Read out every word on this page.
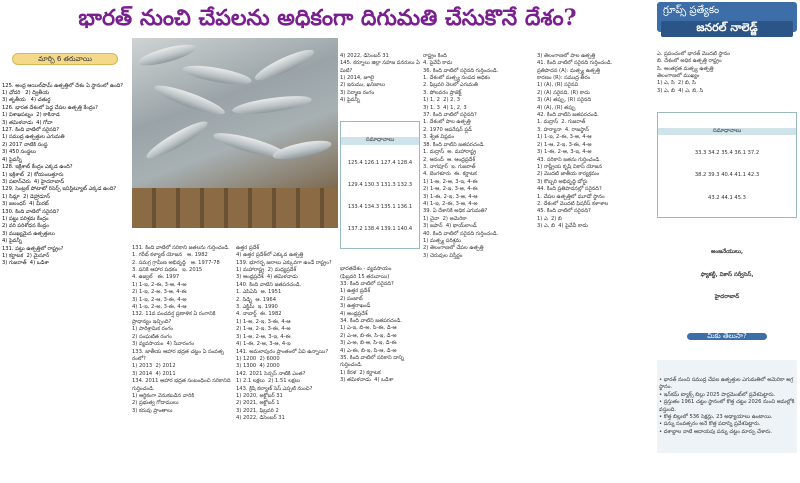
భారత్ నుంచి చేపలను అధికంగా దిగుమతి చేసుకొనే దేశం?	గ్రూప్స్ ప్రత్యేకం
జనరల్ నాలెడ్జ్

మార్చి 6 తరువాయి

125. అంధ్ర ఆయిల్‌పామ్ ఉత్పత్తిలో దేశం ఏ స్థానంలో ఉంది?
1) ఛోదరి   2) ద్వితీయ
3) తృతీయ   4) చతుర్థ
126. భారత దేశంలో పెద్ద చేపల ఉత్పత్తి కేంద్రం?
1) విశాఖపట్నం  2) కాకినాడ
3) తమిళనాడు  4) గోవా
127. కింది వాటిలో సరైనది?
1) సముద్ర ఉత్పత్తుల ఎగుమతి
2) 2017 నాటికి సంస్థ
3) 450 సంస్థలు
4) పైవన్నీ
128. ఇక్రిశాట్ కేంద్రం ఎక్కడ ఉంది?
1) ఇక్రిశాట్  2) కోయంబత్తూరు
3) పటాన్‌చెరు  4) హైదరాబాద్
129. సెంట్రల్ పోటాటో రిసెర్చ్ ఇనిస్టిట్యూట్ ఎక్కడ ఉంది?
1) సిమ్లా  2) డెహ్రాడూన్
3) జలంధర్  4) మీరట్
130. కింది వాటిలో సరైనది?
1) పట్టు పరిశ్రమ కేంద్రం
2) వరి పరిశోధన కేంద్రం
3) ముఖ్యమైన ఉత్పత్తులు
4) పైవన్నీ
131. పట్టు ఉత్పత్తిలో రాష్ట్రం?
1) కర్ణాటక  2) మైసూర్
3) గుజరాత్  4) ఒడిశా

131. కింది వాటిలో సరికాని జతలను గుర్తించండి.
1. గరీబ్ కళ్యాణ్ యోజన   అ. 1982
2. సమగ్ర గ్రామీణ అభివృద్ధి   ఆ. 1977-78
3. పనికి ఆహార పథకం   ఇ. 2015
4. ఉజ్వల్   ఈ. 1997
1) 1-ఇ, 2-ఈ, 3-ఆ, 4-అ
2) 1-ఇ, 2-అ, 3-ఆ, 4-ఈ
3) 1-ఇ, 2-ఆ, 3-ఈ, 4-అ
4) 1-ఇ, 2-అ, 3-ఈ, 4-ఆ
132. 11వ పంచవర్ష ప్రణాళిక ఏ రంగానికి ప్రాధాన్యం ఇచ్చింది?
1) పారిశ్రామిక రంగం
2) సంఘటిత రంగం
3) వ్యవసాయం  4) సేవారంగం
133. జాతీయ ఆహార భద్రత చట్టం ఏ సంవత్సరంలో?
1) 2013  2) 2012
3) 2014  4) 2011
134. 2011 ఆహార భద్రత సంబంధించి సరికానిది గుర్తించండి.
1) ఆర్థికంగా వెనుకబడిన వారికి
2) ప్రభుత్వ గోదాములు
3) కరువు ప్రాంతాలు

ఉత్తర ప్రదేశ్
4) ఉత్తర ప్రదేశ్‌లో ఎక్కువ ఉత్పత్తి
139. భూగర్భ జలాలు ఎక్కువగా ఉండే రాష్ట్రం?
1) మహారాష్ట్ర  2) మధ్యప్రదేశ్
3) ఆంధ్రప్రదేశ్  4) తమిళనాడు
140. కింది వాటిని జతపరచండి.
1. ఎపిఏసి  అ. 1951
2. సిడ్బి  ఆ. 1964
3. ఎక్జిమ్  ఇ. 1990
4. నాబార్డ్  ఈ. 1982
1) 1-అ, 2-ఇ, 3-ఈ, 4-ఆ
2) 1-ఆ, 2-ఇ, 3-ఈ, 4-అ
3) 1-అ, 2-ఆ, 3-ఇ, 4-ఈ
4) 1-ఈ, 2-అ, 3-ఆ, 4-ఇ
141. అమలాపురం ప్రాంతంలో ఏవి ఉన్నాయి?
1) 1200  2) 6000
3) 1300  4) 2000
142. 2021 సెన్సస్ నాటికి ఎంత?
1) 2.1 లక్షలు  2) 1.51 లక్షలు
143. క్రిషి కల్యాణ్ సెస్ ఎప్పటి నుంచి?
1) 2020, అక్టోబర్ 31
2) 2021, అక్టోబర్ 1
3) 2021, ఫిబ్రవరి 2
4) 2022, డిసెంబర్ 31

4) 2022, డిసెంబర్ 31
145. కర్నూలు జిల్లా సహజ వనరులు ఏమిటి?
1) 2014, జూలై
2) ఇనుము, ఖనిజాలు
3) నిర్మాణ రంగం
4) పైవన్నీ

సమాధానాలు

125.4 126.1 127.4 128.4

129.4 130.3 131.3 132.3

133.4 134.3 135.1 136.1

137.2 138.4 139.1 140.4

భారతదేశం - వ్యవసాయం
(ఫిబ్రవరి 15 తరువాయి)
33. కింది వాటిలో సరైనది?
1) ఉత్తర ప్రదేశ్
2) పంజాబ్
3) ఉత్తరాఖండ్
4) అంధ్రప్రదేశ్
34. కింది వాటిని జతపరచండి.
1) ఎ-ఇ, బి-అ, సి-ఈ, డి-ఆ
2) ఎ-ఆ, బి-ఈ, సి-ఇ, డి-అ
3) ఎ-అ, బి-ఆ, సి-ఇ, డి-ఈ
4) ఎ-ఈ, బి-ఇ, సి-ఆ, డి-అ
35. కింది వాటిలో సరికాని దాన్ని గుర్తించండి.
1) కేరళ  2) కర్ణాటక
3) తమిళనాడు  4) ఒడిశా

రాష్ట్రం కింది
4. పైవేవీ కాదు
36. కింది వాటిలో సరైనది గుర్తించండి.
1. దేశంలో మత్స్య సంపద అధికం
2. ఫిబ్రవరి నెలలో ఎగుమతి
3. పోలవరం ప్రాజెక్ట్
1) 1, 2  2) 2, 3
3) 1, 3  4) 1, 2, 3
37. కింది వాటిలో సరైనది?
1. దేశంలో పాల ఉత్పత్తి
2. 1970 ఆపరేషన్ ఫ్లడ్
3. శ్వేత విప్లవం
38. కింది వాటిని జతపరచండి.
1. మద్రాస్  అ. మహారాష్ట్ర
2. ఆనంద్  ఆ. ఆంధ్రప్రదేశ్
3. నాగపూర్  ఇ. గుజరాత్
4. బెంగళూరు  ఈ. కర్ణాటక
1) 1-అ, 2-ఆ, 3-ఇ, 4-ఈ
2) 1-ఆ, 2-ఇ, 3-అ, 4-ఈ
3) 1-ఈ, 2-ఇ, 3-అ, 4-ఆ
4) 1-ఇ, 2-ఈ, 3-ఆ, 4-అ
39. ఏ దేశానికి అధిక ఎగుమతి?
1) చైనా  2) అమెరికా
3) జపాన్  4) థాయ్‌లాండ్
40. కింది వాటిలో సరైనది గుర్తించండి.
1) మత్స్య పరిశ్రమ
2) తెలంగాణలో చేపల ఉత్పత్తి
3) చెరువుల విస్తీర్ణం

3) తెలంగాణలో పాల ఉత్పత్తి
41. కింది వాటిలో సరైనది గుర్తించండి.
ప్రతిపాదన (A): మత్స్య ఉత్పత్తి
కారణం (R): సముద్ర తీరం
1) (A), (R) సరైనవి
2) (A) సరైనది, (R) కాదు
3) (A) తప్పు, (R) సరైనది
4) (A), (R) తప్పు
42. కింది వాటిని జతపరచండి.
1. మద్రాస్  2. గుజరాత్
3. హర్యానా  4. రాజస్థాన్
1) 1-ఇ, 2-ఈ, 3-అ, 4-ఆ
2) 1-ఆ, 2-ఇ, 3-ఈ, 4-అ
3) 1-ఈ, 2-ఆ, 3-ఇ, 4-అ
43. సరికాని జతను గుర్తించండి.
1) రాష్ట్రీయ కృషి వికాస్ యోజన
2) మొదటి జాతీయ కార్యక్రమం
3) కొబ్బరి అభివృద్ధి బోర్డు
44. కింది ప్రతిపాదనల్లో సరైనది?
1. చేపల ఉత్పత్తిలో మూడో స్థానం
2. దేశంలో మొదటి ఫిషరీస్ కళాశాల
45. కింది వాటిలో సరైనది?
1) ఎ  2) బి
3) ఎ, బి  4) పైవేవీ కాదు

ఎ. ప్రపంచంలో భారత్ మొదటి స్థానం
బి. దేశంలో అధిక ఉత్పత్తి రాష్ట్రం
సి. అంతర్గత మత్స్య ఉత్పత్తి
తెలంగాణలో ముఖ్యం
1) ఎ, సి  2) బి, సి
3) ఎ, బి  4) ఎ, బి, సి

సమాధానాలు

33.3 34.2 35.4 36.1 37.2

38.2 39.3 40.4 41.1 42.3

43.2 44.1 45.3

అంజనేయులు,

ఫ్యాకల్టీ, వికాస్ సర్వీసెస్,

హైదరాబాద్

మీకు తెలుసా?

• భారత్ నుంచి సముద్ర చేపల ఉత్పత్తుల ఎగుమతిలో అమెరికా అగ్రస్థానం.
• ఇన్‌కమ్ ట్యాక్స్ బిల్లు 2025 పార్లమెంట్‌లో ప్రవేశపెట్టారు.
• ప్రస్తుతం 1961 చట్టం స్థానంలో కొత్త చట్టం 2026 నుంచి అమల్లోకి వస్తుంది.
• కొత్త బిల్లులో 536 సెక్షన్లు, 23 అధ్యాయాలు ఉంటాయి.
• పన్ను సంవత్సరం అనే కొత్త పదాన్ని ప్రవేశపెట్టారు.
• దశాబ్దాల నాటి ఆదాయపు పన్ను చట్టం మార్పు చేశారు.
